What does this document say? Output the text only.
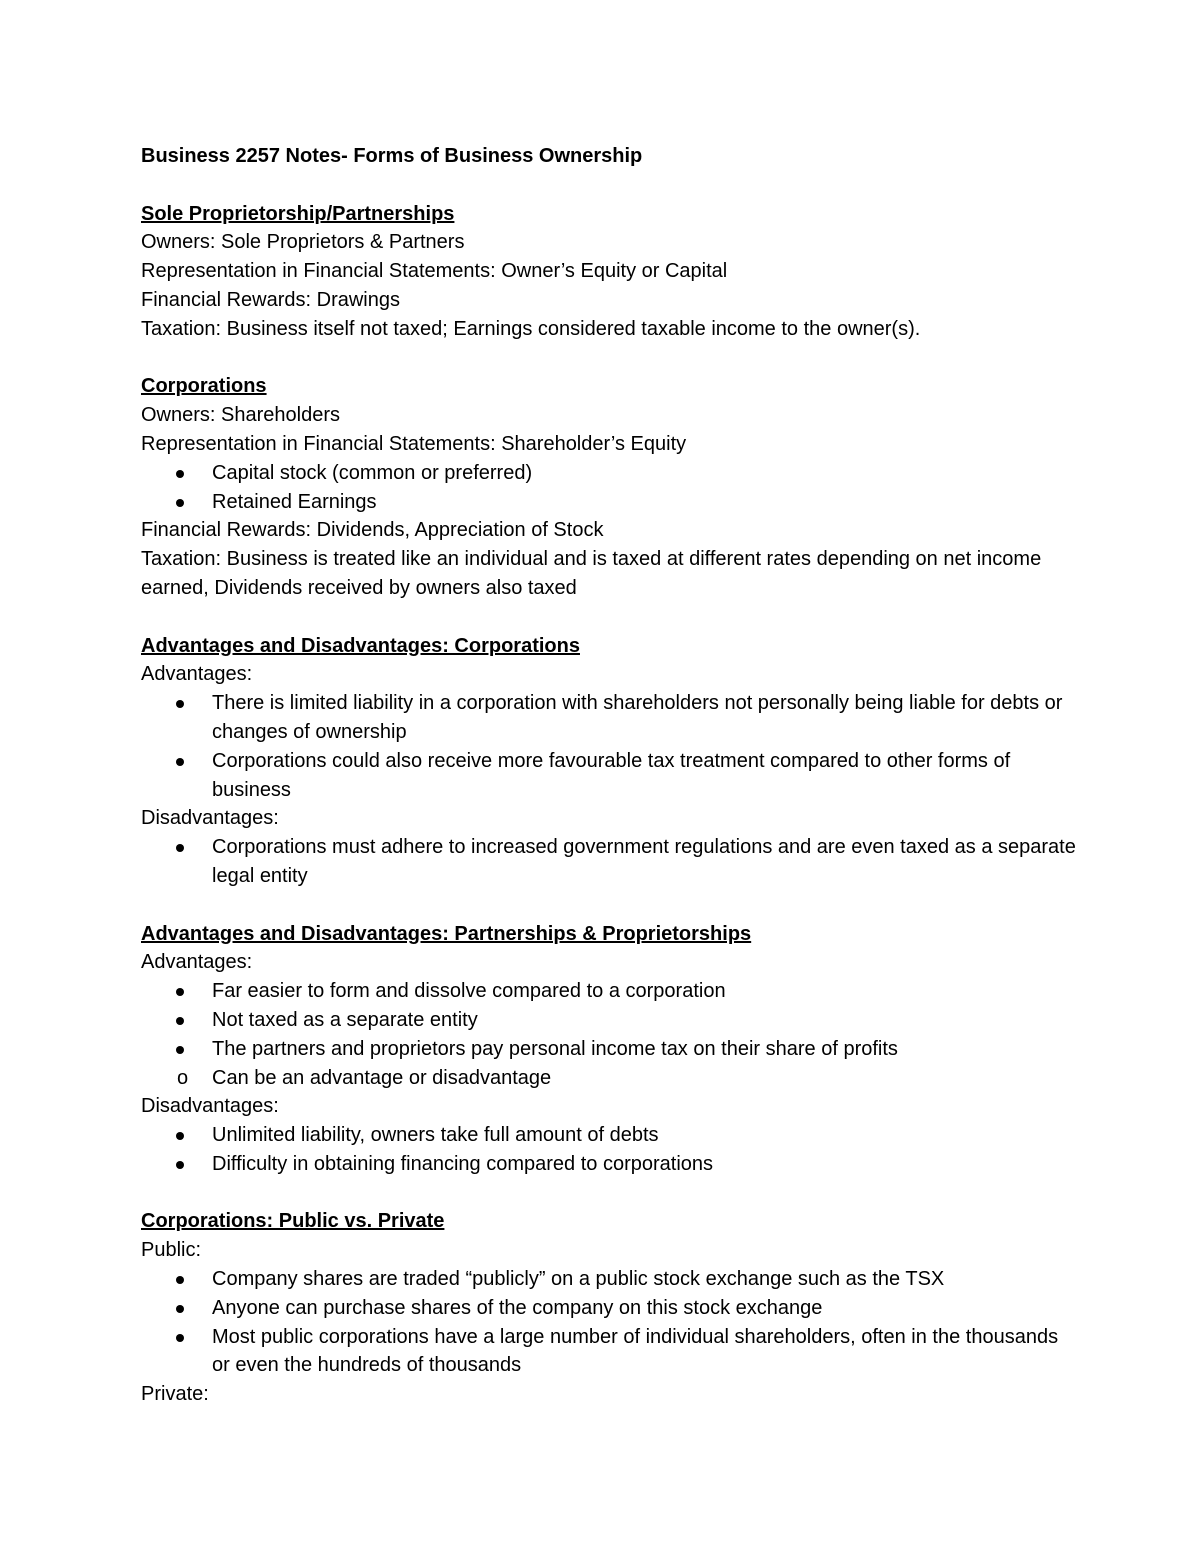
Business 2257 Notes- Forms of Business Ownership

Sole Proprietorship/Partnerships

Owners: Sole Proprietors & Partners

Representation in Financial Statements: Owner’s Equity or Capital

Financial Rewards: Drawings

Taxation: Business itself not taxed; Earnings considered taxable income to the owner(s).

Corporations

Owners: Shareholders

Representation in Financial Statements: Shareholder’s Equity

Capital stock (common or preferred)
Retained Earnings

Financial Rewards: Dividends, Appreciation of Stock

Taxation: Business is treated like an individual and is taxed at different rates depending on net income earned, Dividends received by owners also taxed

Advantages and Disadvantages: Corporations

Advantages:

There is limited liability in a corporation with shareholders not personally being liable for debts or changes of ownership
Corporations could also receive more favourable tax treatment compared to other forms of business

Disadvantages:

Corporations must adhere to increased government regulations and are even taxed as a separate legal entity

Advantages and Disadvantages: Partnerships & Proprietorships

Advantages:

Far easier to form and dissolve compared to a corporation
Not taxed as a separate entity
The partners and proprietors pay personal income tax on their share of profits
o Can be an advantage or disadvantage

Disadvantages:

Unlimited liability, owners take full amount of debts
Difficulty in obtaining financing compared to corporations

Corporations: Public vs. Private

Public:

Company shares are traded “publicly” on a public stock exchange such as the TSX
Anyone can purchase shares of the company on this stock exchange
Most public corporations have a large number of individual shareholders, often in the thousands or even the hundreds of thousands

Private:
